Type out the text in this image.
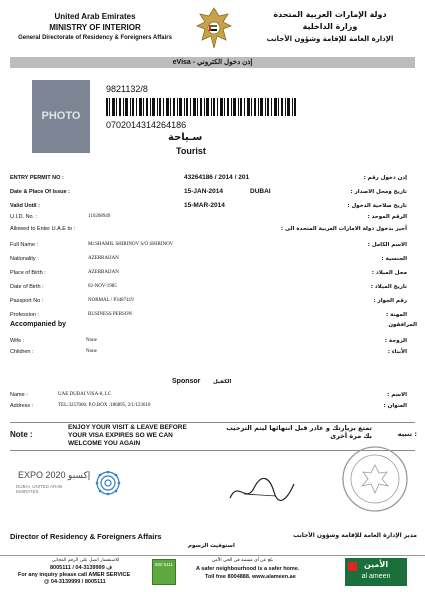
United Arab Emirates
MINISTRY OF INTERIOR
General Directorate of Residency & Foreigners Affairs
دولة الإمارات العربية المتحدة
وزارة الداخلية
الإدارة العامة للإقامة وشؤون الأجانب
eVisa - إذن دخول الكتروني
PHOTO
9821132/8
0702014314264186
سـياحة
Tourist
ENTRY PERMIT NO :	43264186 / 2014 / 201	إذن دخول رقم :
Date & Place Of Issue :	15-JAN-2014	DUBAI	تاريخ ومحل الاصدار :
Valid Until :	15-MAR-2014	تاريخ صلاحية الدخول :
U.I.D. No. :	110208949	الرقم الموحد :
Allowed to Enter U.A.E to :	أجيز بدخول دولة الامارات العربية المتحدة الى :
Full Name :	Mr.SHAMIL SHIRINOV S/O SHIRINOV	الاسم الكامل :
Nationality :	AZERBAIJAN	الجنسية :
Place of Birth :	AZERBAIJAN	محل الميلاد :
Date of Birth :	02-NOV-1985	تاريخ الميلاد :
Passport No :	NORMAL / P3487419	رقم الجواز :
Profession :	BUSINESS PERSON	المهنة :
Accompanied by	المرافقون
Wife :	None	الزوجة :
Children :	None	الأبناء :
Sponsor الكفيل
Name :	UAE DUBAI VISA-8, LC	الاسم :
Address :	TEL:3257060, P.O.BOX :186895, 2/1/123610	العنوان :
Note :
ENJOY YOUR VISIT & LEAVE BEFORE YOUR VISA EXPIRES SO WE CAN WELCOME YOU AGAIN
تمتع بزيارتك و غادر قبل انتهائها ليتم الترحيب بك مرة أخرى	تنبيه :
EXPO 2020 إكسبو
DUBAI, UNITED ARAB EMIRATES
Director of Residency & Foreigners Affairs	مدير الإدارة العامة للإقامة وشؤون الأجانب
استوفيت الرسوم
للاستفسار اتصل على الرقم المجاني
8005111 / 04-3139999 ف
For any inquiry please call AMER SERVICE
@ 04-3139999 / 8005111
800 5111
بلغ عن أي مشتبه في الحي الآمن
A safer neighbourhood is a safer home.
Toll free 8004888. www.alameen.ae
الأمين
al ameen
